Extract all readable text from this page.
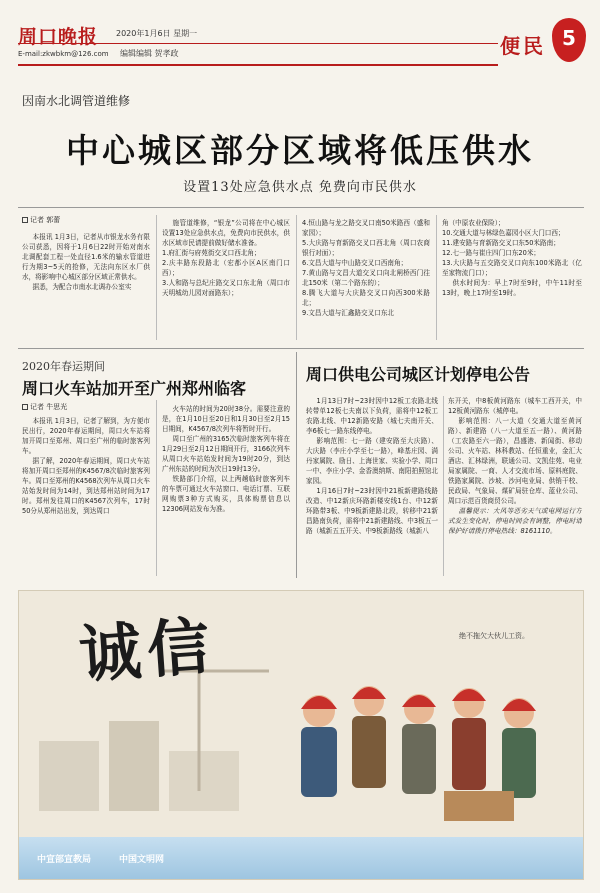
周口晚报 2020年1月6日 星期一
E-mail:zkwbkm@126.com 编辑编辑 贺孝政	便民 5
因南水北调管道维修
中心城区部分区域将低压供水
设置13处应急供水点 免费向市民供水
记者 郭蕾

本报讯 1月3日，记者从市银龙水务有限公司获悉，因将于1月6日22时开始对南水北调配套工程一处直径1.6米的输水管道进行为期3~5天的抢修，无法向东区水厂供水，将影响中心城区部分区域正常供水。

据悉，为配合市南水北调办公室实

施管道维修，“银龙”公司将在中心城区设置13处应急供水点，免费向市民供水，供水区域市民请提前做好储水准备。

1.府汇街与府苑街交叉口西北角；
2.庆丰路东段路北（宏都小区A区南门口西）；
3.人和路与总纪庄路交叉口东北角（周口市天明城幼儿园对面路东）；
4.恒山路与龙之路交叉口南50米路西（盛和家园）；
5.大庆路与育新路交叉口西北角（周口农商银行对面）；
6.文昌大道与中山路交叉口西南角；
7.黄山路与文昌大道交叉口向北闸桥西门往北150米（第二个路东的）；
8.腾飞大道与大庆路交叉口向西300米路北；
9.文昌大道与汇鑫路交叉口东北
角（中原农业保险）；
10.交通大道与林绿色嘉园小区大门口西；
11.建安路与育新路交叉口东50米路南；
12.七一路与崔庄四门口东20米；
13.大庆路与五交路交叉口向东100米路北（亿至家物流门口）；

供水时间为：早上7时至9时，中午11时至13时，晚上17时至19时。

2020年春运期间
周口火车站加开至广州郑州临客
记者 牛思光

本报讯 1月3日，记者了解到，为方便市民出行，2020年春运期间，周口火车站将加开周口至郑州、周口至广州的临时旅客列车。

据了解，2020年春运期间，周口火车站将加开周口至郑州的K4567/8次临时旅客列车。周口至郑州的K4568次列车从周口火车站始发时间为14时，到达郑州站时间为17时。郑州发往周口的K4567次列车，17时50分从郑州站出发，到达周口

火车站的时间为20时38分。需要注意的是，在1月10日至20日和1月30日至2月15日期间，K4567/8次列车将暂时开行。

周口至广州的3165次临时旅客列车将在1月29日至2月12日期间开行，3166次列车从周口火车站始发时间为19时20分，到达广州东站的时间为次日19时13分。

铁路部门介绍，以上两趟临时旅客列车的车票可通过火车站窗口、电话订票、互联网购票3种方式购买，具体购票信息以12306网站发布为准。

周口供电公司城区计划停电公告

1月13日7时~23时因中12板工农路北线转带单12板七夫南以下负荷，需将中12板工农路北线、中12新路安路（城七夫南开关、李6板七一路东线停电。

影响范围：七一路（建安路至大庆路）、大庆路（李庄小学至七一路），峰基庄园、满丹家属院、励日、上海世家、实验小学、周口一中、李庄小学、金香澳纳斯、南阳拍照馆北家园。

1月16日7时~23时因中21板新建路线路改造、中12新庆环路新楼安线1台、中12新环路带3板、中9板新建路北段，转移中21新昌路南负荷，需将中21新建路线、中3板五一路（城新五五开关、中9板新路线（城新八

东开关，中8板黄河路东（城车工西开关，中12板黄河路东（城停电。

影响范围：八一大道（交通大道至黄河路）、新建路（八一大道至五一路）、黄河路（工农路至六一路），昌盛港、新闻街、移动公司、火车站、林科教站、任恒重业，金汇大酒店、汇林绿洲，联通公司、文凯佳苑、电业局家属院、一商、人才交流市场、原料庭院、铁路家属院、沙坡、沙河电业局、供销干校、民政局、气象局、煤矿局驻仓库、蓝业公司、周口示范百货商贸公司。

温馨提示：大风等恶劣天气或电网运行方式发生变化时，停电时间会有调整，停电时请保护好请拨打停电热线：8161110。

诚信	绝不拖欠大伙儿工资。
中宣部宣教局	中国文明网
